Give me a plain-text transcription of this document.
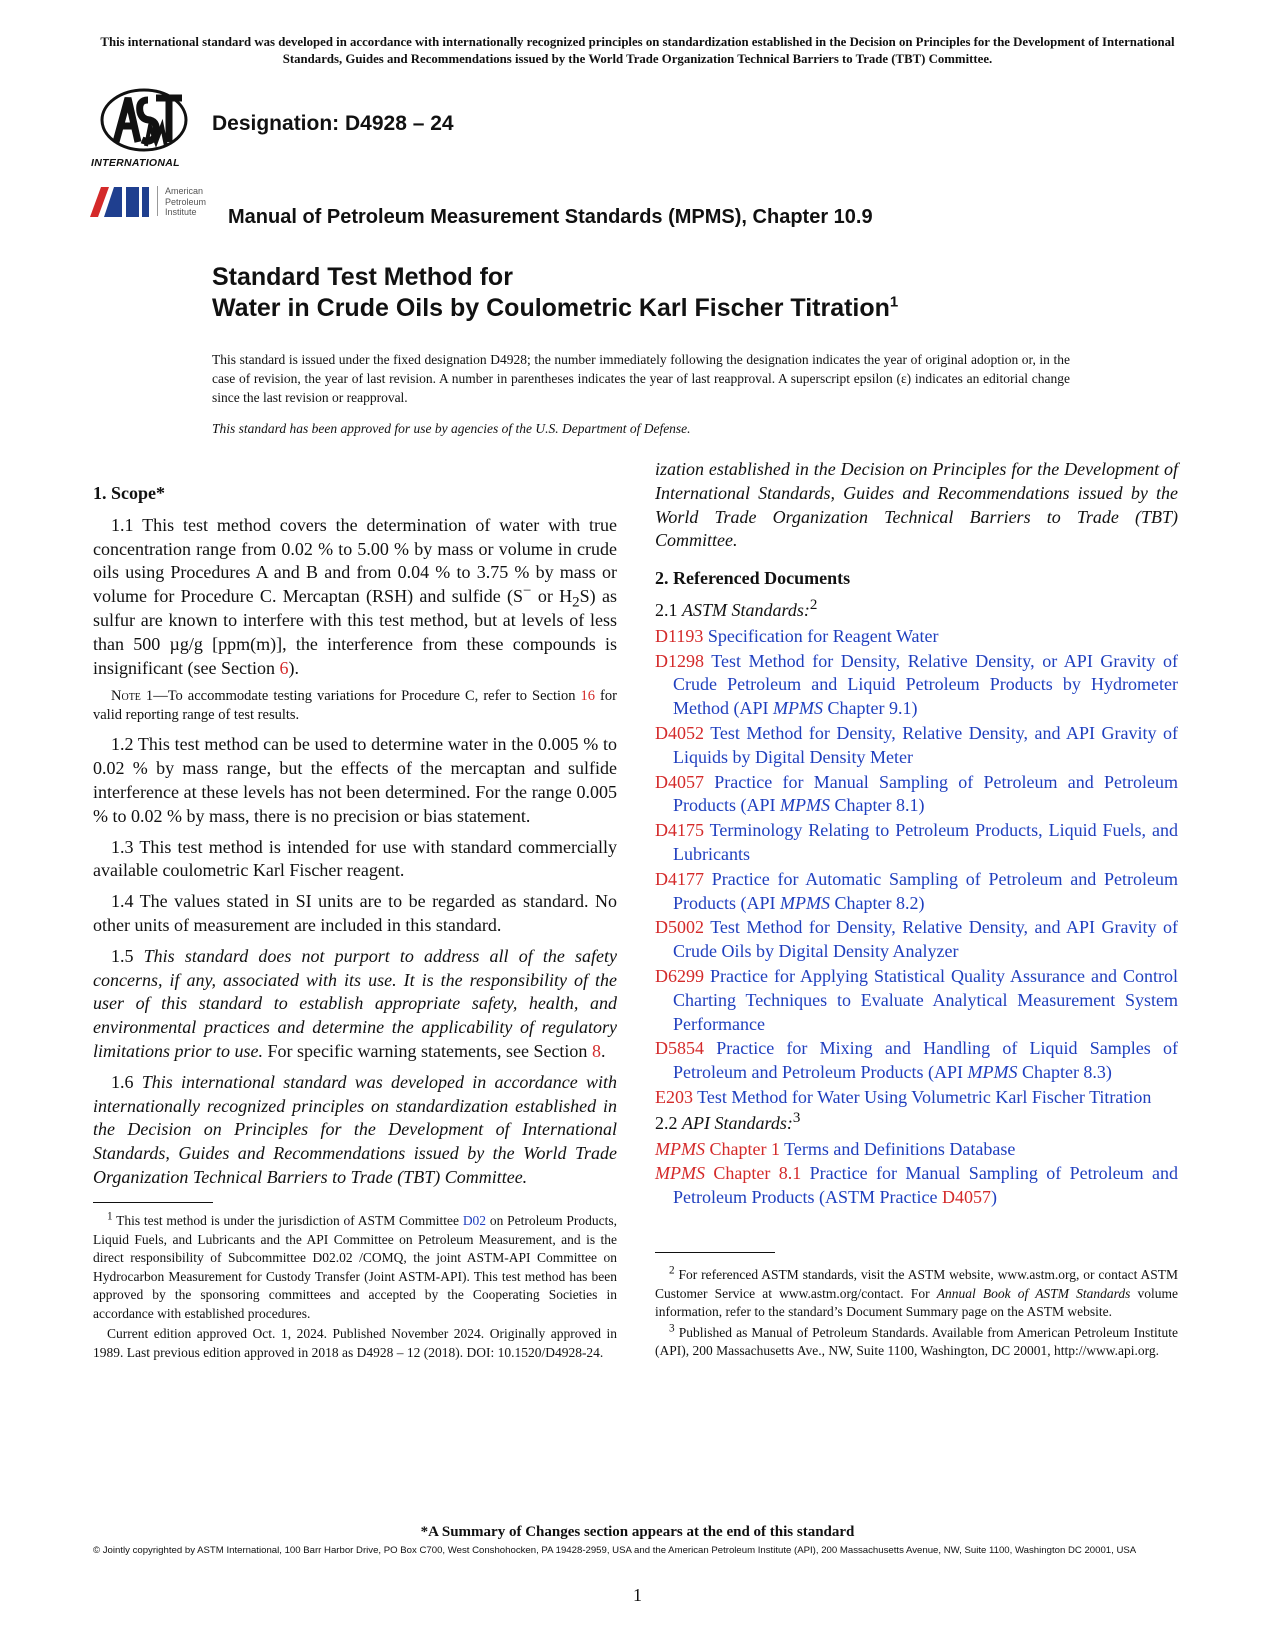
This international standard was developed in accordance with internationally recognized principles on standardization established in the Decision on Principles for the Development of International Standards, Guides and Recommendations issued by the World Trade Organization Technical Barriers to Trade (TBT) Committee.
INTERNATIONAL
Designation: D4928 – 24
American Petroleum Institute	Manual of Petroleum Measurement Standards (MPMS), Chapter 10.9
Standard Test Method for
Water in Crude Oils by Coulometric Karl Fischer Titration$^1$
This standard is issued under the fixed designation D4928; the number immediately following the designation indicates the year of original adoption or, in the case of revision, the year of last revision. A number in parentheses indicates the year of last reapproval. A superscript epsilon (ε) indicates an editorial change since the last revision or reapproval.
This standard has been approved for use by agencies of the U.S. Department of Defense.
1. Scope*

1.1 This test method covers the determination of water with true concentration range from 0.02 % to 5.00 % by mass or volume in crude oils using Procedures A and B and from 0.04 % to 3.75 % by mass or volume for Procedure C. Mercaptan (RSH) and sulfide (S− or $H_2S$) as sulfur are known to interfere with this test method, but at levels of less than 500 µg/g [ppm(m)], the interference from these compounds is insignificant (see Section 6).

Note 1—To accommodate testing variations for Procedure C, refer to Section 16 for valid reporting range of test results.

1.2 This test method can be used to determine water in the 0.005 % to 0.02 % by mass range, but the effects of the mercaptan and sulfide interference at these levels has not been determined. For the range 0.005 % to 0.02 % by mass, there is no precision or bias statement.

1.3 This test method is intended for use with standard commercially available coulometric Karl Fischer reagent.

1.4 The values stated in SI units are to be regarded as standard. No other units of measurement are included in this standard.

1.5 This standard does not purport to address all of the safety concerns, if any, associated with its use. It is the responsibility of the user of this standard to establish appropriate safety, health, and environmental practices and determine the applicability of regulatory limitations prior to use. For specific warning statements, see Section 8.

1.6 This international standard was developed in accordance with internationally recognized principles on standardization established in the Decision on Principles for the Development of International Standards, Guides and Recommendations issued by the World Trade Organization Technical Barriers to Trade (TBT) Committee.

ization established in the Decision on Principles for the Development of International Standards, Guides and Recommendations issued by the World Trade Organization Technical Barriers to Trade (TBT) Committee.

2. Referenced Documents
2.1 ASTM Standards:$^2$
D1193 Specification for Reagent Water
D1298 Test Method for Density, Relative Density, or API Gravity of Crude Petroleum and Liquid Petroleum Products by Hydrometer Method (API MPMS Chapter 9.1)
D4052 Test Method for Density, Relative Density, and API Gravity of Liquids by Digital Density Meter
D4057 Practice for Manual Sampling of Petroleum and Petroleum Products (API MPMS Chapter 8.1)
D4175 Terminology Relating to Petroleum Products, Liquid Fuels, and Lubricants
D4177 Practice for Automatic Sampling of Petroleum and Petroleum Products (API MPMS Chapter 8.2)
D5002 Test Method for Density, Relative Density, and API Gravity of Crude Oils by Digital Density Analyzer
D6299 Practice for Applying Statistical Quality Assurance and Control Charting Techniques to Evaluate Analytical Measurement System Performance
D5854 Practice for Mixing and Handling of Liquid Samples of Petroleum and Petroleum Products (API MPMS Chapter 8.3)
E203 Test Method for Water Using Volumetric Karl Fischer Titration
2.2 API Standards:$^3$
MPMS Chapter 1 Terms and Definitions Database
MPMS Chapter 8.1 Practice for Manual Sampling of Petroleum and Petroleum Products (ASTM Practice D4057)

$^1$ This test method is under the jurisdiction of ASTM Committee D02 on Petroleum Products, Liquid Fuels, and Lubricants and the API Committee on Petroleum Measurement, and is the direct responsibility of Subcommittee D02.02 /COMQ, the joint ASTM-API Committee on Hydrocarbon Measurement for Custody Transfer (Joint ASTM-API). This test method has been approved by the sponsoring committees and accepted by the Cooperating Societies in accordance with established procedures.

Current edition approved Oct. 1, 2024. Published November 2024. Originally approved in 1989. Last previous edition approved in 2018 as D4928 – 12 (2018). DOI: 10.1520/D4928-24.

$^2$ For referenced ASTM standards, visit the ASTM website, www.astm.org, or contact ASTM Customer Service at www.astm.org/contact. For Annual Book of ASTM Standards volume information, refer to the standard’s Document Summary page on the ASTM website.

$^3$ Published as Manual of Petroleum Standards. Available from American Petroleum Institute (API), 200 Massachusetts Ave., NW, Suite 1100, Washington, DC 20001, http://www.api.org.

*A Summary of Changes section appears at the end of this standard
© Jointly copyrighted by ASTM International, 100 Barr Harbor Drive, PO Box C700, West Conshohocken, PA 19428-2959, USA and the American Petroleum Institute (API), 200 Massachusetts Avenue, NW, Suite 1100, Washington DC 20001, USA
1
